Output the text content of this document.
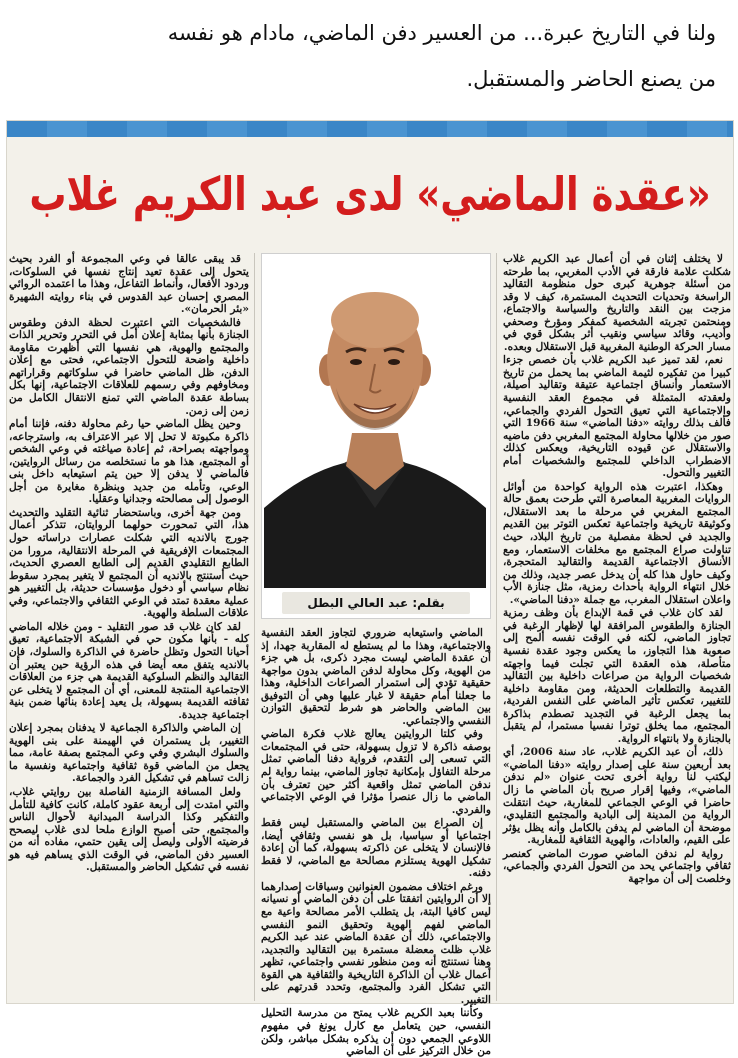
ولنا في التاريخ عبرة... من العسير دفن الماضي، مادام هو نفسه
من يصنع الحاضر والمستقبل.
«عقدة الماضي» لدى عبد الكريم غلاب

لا يختلف إثنان في أن أعمال عبد الكريم غلاب شكلت علامة فارقة في الأدب المغربي، بما طرحته من أسئلة جوهرية كبرى حول منظومة التقاليد الراسخة وتحديات التحديث المستمرة، كيف لا وقد مزجت بين النقد والتاريخ والسياسة والاجتماع، ومنحتمن تجربته الشخصية كمفكر ومؤرخ وصحفي وأديب، وقائد سياسي ونقيب أثر بشكل قوي في مسار الحركة الوطنية المغربية قبل الاستقلال وبعده.

نعم، لقد تميز عبد الكريم غلاب بأن خصص جزءا كبيرا من تفكيره لثيمة الماضي بما يحمل من تاريخ الاستعمار وأنساق اجتماعية عتيقة وتقاليد أصيلة، ولعقدته المتمثلة في مجموع العقد النفسية والاجتماعية التي تعيق التحول الفردي والجماعي، فألف بذلك روايته «دفنا الماضي» سنة 1966 التي صور من خلالها محاولة المجتمع المغربي دفن ماضيه والاستقلال عن قيوده التاريخية، ويعكس كذلك الاضطراب الداخلي للمجتمع والشخصيات أمام التغيير والتحول.

وهكذا، اعتبرت هذه الرواية كواحدة من أوائل الروايات المغربية المعاصرة التي طرحت بعمق حالة المجتمع المغربي في مرحلة ما بعد الاستقلال، وكوثيقة تاريخية واجتماعية تعكس التوتر بين القديم والجديد في لحظة مفصلية من تاريخ البلاد، حيث تناولت صراع المجتمع مع مخلفات الاستعمار، ومع الأنساق الاجتماعية القديمة والتقاليد المتحجرة، وكيف حاول هذا كله أن يدخل عصر جديد، وذلك من خلال انتهاء الرواية بأحداث رمزية، مثل جنازة الأب واعلان استقلال المغرب، مع جملة «دفنا الماضي».

لقد كان غلاب في قمة الإبداع بأن وظف رمزية الجنازة والطقوس المرافقة لها لإظهار الرغبة في تجاوز الماضي، لكنه في الوقت نفسه ألمح إلى صعوبة هذا التجاوز، ما يعكس وجود عقدة نفسية متأصلة، هذه العقدة التي تجلت فيما واجهته شخصيات الرواية من صراعات داخلية بين التقاليد القديمة والتطلعات الحديثة، ومن مقاومة داخلية للتغيير، تعكس تأثير الماضي على النفس الفردية، بما يجعل الرغبة في التجديد تصطدم بذاكرة المجتمع، مما يخلق توترا نفسيا مستمرا، لم يتقبل بالجنازة ولا بانتهاء الرواية.

ذلك، أن عبد الكريم غلاب، عاد سنة 2006، أي بعد أربعين سنة على إصدار روايته «دفنا الماضي» ليكتب لنا رواية أخرى تحت عنوان «لم ندفن الماضي»، وفيها إقرار صريح بأن الماضي ما زال حاضرا في الوعي الجماعي للمغاربة، حيث انتقلت الرواية من المدينة إلى البادية والمجتمع التقليدي، موضحة أن الماضي لم يدفن بالكامل وأنه يظل يؤثر على القيم، والعادات، والهوية الثقافية للمغاربة.

رواية لم ندفن الماضي صورت الماضي كعنصر ثقافي واجتماعي يحد من التحول الفردي والجماعي، وخلصت إلى أن مواجهة

بقلم: عبد العالي البطل

الماضي واستيعابه ضروري لتجاوز العقد النفسية والاجتماعية، وهذا ما لم يستطع له المقاربة جهدا، إذ أن عقدة الماضي ليست مجرد ذكرى، بل هي جزء من الهوية، وكل محاولة لدفن الماضي بدون مواجهة حقيقية تؤدي إلى استمرار الصراعات الداخلية، وهذا ما جعلنا أمام حقيقة لا غبار عليها وهي أن التوفيق بين الماضي والحاضر هو شرط لتحقيق التوازن النفسي والاجتماعي.

وفي كلتا الروايتين يعالج غلاب فكرة الماضي بوصفه ذاكرة لا تزول بسهولة، حتى في المجتمعات التي تسعى إلى التقدم، فرواية دفنا الماضي تمثل مرحلة التفاؤل بإمكانية تجاوز الماضي، بينما رواية لم ندفن الماضي تمثل واقعية أكثر حين تعترف بأن الماضي ما زال عنصرا مؤثرا في الوعي الاجتماعي والفردي.

إن الصراع بين الماضي والمستقبل ليس فقط اجتماعيا أو سياسيا، بل هو نفسي وثقافي أيضا، فالإنسان لا يتخلى عن ذاكرته بسهولة، كما أن إعادة تشكيل الهوية يستلزم مصالحة مع الماضي، لا فقط دفنه.

ورغم اختلاف مضمون العنوانين وسياقات إصدارهما إلا أن الروايتين اتفقتا على أن دفن الماضي أو نسيانه ليس كافيا البتة، بل يتطلب الأمر مصالحة واعية مع الماضي لفهم الهوية وتحقيق النمو النفسي والاجتماعي، ذلك أن عقدة الماضي عند عبد الكريم غلاب ظلت معضلة مستمرة بين التقاليد والتجديد، وهنا نستنتج أنه ومن منظور نفسي واجتماعي، تظهر أعمال غلاب أن الذاكرة التاريخية والثقافية هي القوة التي تشكل الفرد والمجتمع، وتحدد قدرتهم على التغيير.

وكأننا بعبد الكريم غلاب يمتح من مدرسة التحليل النفسي، حين يتعامل مع كارل يونغ في مفهوم اللاوعي الجمعي دون أن يذكره بشكل مباشر، ولكن من خلال التركيز على أن الماضي

قد يبقى عالقا في وعي المجموعة أو الفرد بحيث يتحول إلى عقدة تعيد إنتاج نفسها في السلوكات، وردود الأفعال، وأنماط التفاعل، وهذا ما اعتمده الروائي المصري إحسان عبد القدوس في بناء روايته الشهيرة «بئر الحرمان».

فالشخصيات التي اعتبرت لحظة الدفن وطقوس الجنازة بأنها بمثابة إعلان أمل في التحرر وتحرير الذات والمجتمع والهوية، هي نفسها التي أظهرت مقاومة داخلية واضحة للتحول الاجتماعي، فحتى مع إعلان الدفن، ظل الماضي حاضرا في سلوكاتهم وقراراتهم ومخاوفهم وفي رسمهم للعلاقات الاجتماعية، إنها بكل بساطة عقدة الماضي التي تمنع الانتقال الكامل من زمن إلى زمن.

وحين يظل الماضي حيا رغم محاولة دفنه، فإننا أمام ذاكرة مكبوتة لا تحل إلا عبر الاعتراف به، واسترجاعه، ومواجهته بصراحة، ثم إعادة صياغته في وعي الشخص أو المجتمع، هذا هو ما نستخلصه من رسائل الروايتين، فالماضي لا يدفن إلا حين يتم استيعابه داخل بنى الوعي، وتأمله من جديد وبنظرة مغايرة من أجل الوصول إلى مصالحته وجدانيا وعقليا.

ومن جهة أخرى، وباستحضار ثنائية التقليد والتحديث هذا، التي تمحورت حولهما الروايتان، تتذكر أعمال جورج بالانديه التي شكلت عصارات دراساته حول المجتمعات الإفريقية في المرحلة الانتقالية، مرورا من الطابع التقليدي القديم إلى الطابع العصري الحديث، حيث أستنتج بالانديه أن المجتمع لا يتغير بمجرد سقوط نظام سياسي أو دخول مؤسسات حديثة، بل التغيير هو عملية معقدة تمتد في الوعي الثقافي والاجتماعي، وفي علاقات السلطة والهوية.

لقد كان غلاب قد صور التقليد - ومن خلاله الماضي كله - بأنها مكون حي في الشبكة الاجتماعية، تعيق أحيانا التحول وتظل حاضرة في الذاكرة والسلوك، فإن بالانديه يتفق معه أيضا في هذه الرؤية حين يعتبر أن التقاليد والنظم السلوكية القديمة هي جزء من العلاقات الاجتماعية المنتجة للمعنى، أي أن المجتمع لا يتخلى عن ثقافته القديمة بسهولة، بل يعيد إعادة بنائها ضمن بنية اجتماعية جديدة.

إن الماضي والذاكرة الجماعية لا يدفنان بمجرد إعلان التغيير، بل يستمران في الهيمنة على بنى الهوية والسلوك البشري وفي وعي المجتمع بصفة عامة، مما يجعل من الماضي قوة ثقافية واجتماعية ونفسية ما زالت تساهم في تشكيل الفرد والجماعة.

ولعل المسافة الزمنية الفاصلة بين روايتي غلاب، والتي امتدت إلى أربعة عقود كاملة، كانت كافية للتأمل والتفكير وكذا الدراسة الميدانية لأحوال الناس والمجتمع، حتى أصبح الوازع ملحا لدى غلاب ليصحح فرضيته الأولى وليصل إلى يقين حتمي، مفاده أنه من العسير دفن الماضي، في الوقت الذي يساهم فيه هو نفسه في تشكيل الحاضر والمستقبل.
